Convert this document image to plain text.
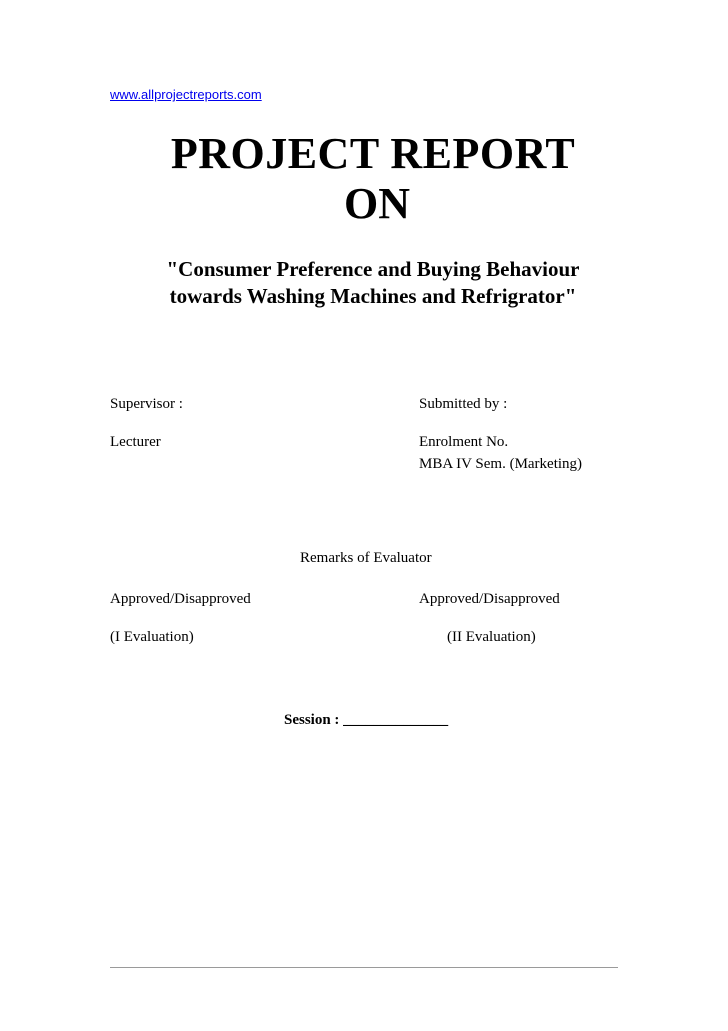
www.allprojectreports.com
PROJECT REPORT
ON
"Consumer Preference and Buying Behaviour
towards Washing Machines and Refrigrator"
Supervisor :
Lecturer
Submitted by :
Enrolment No.
MBA IV Sem. (Marketing)
Remarks of Evaluator
Approved/Disapproved	Approved/Disapproved
(I Evaluation)	(II Evaluation)
Session : ______________
